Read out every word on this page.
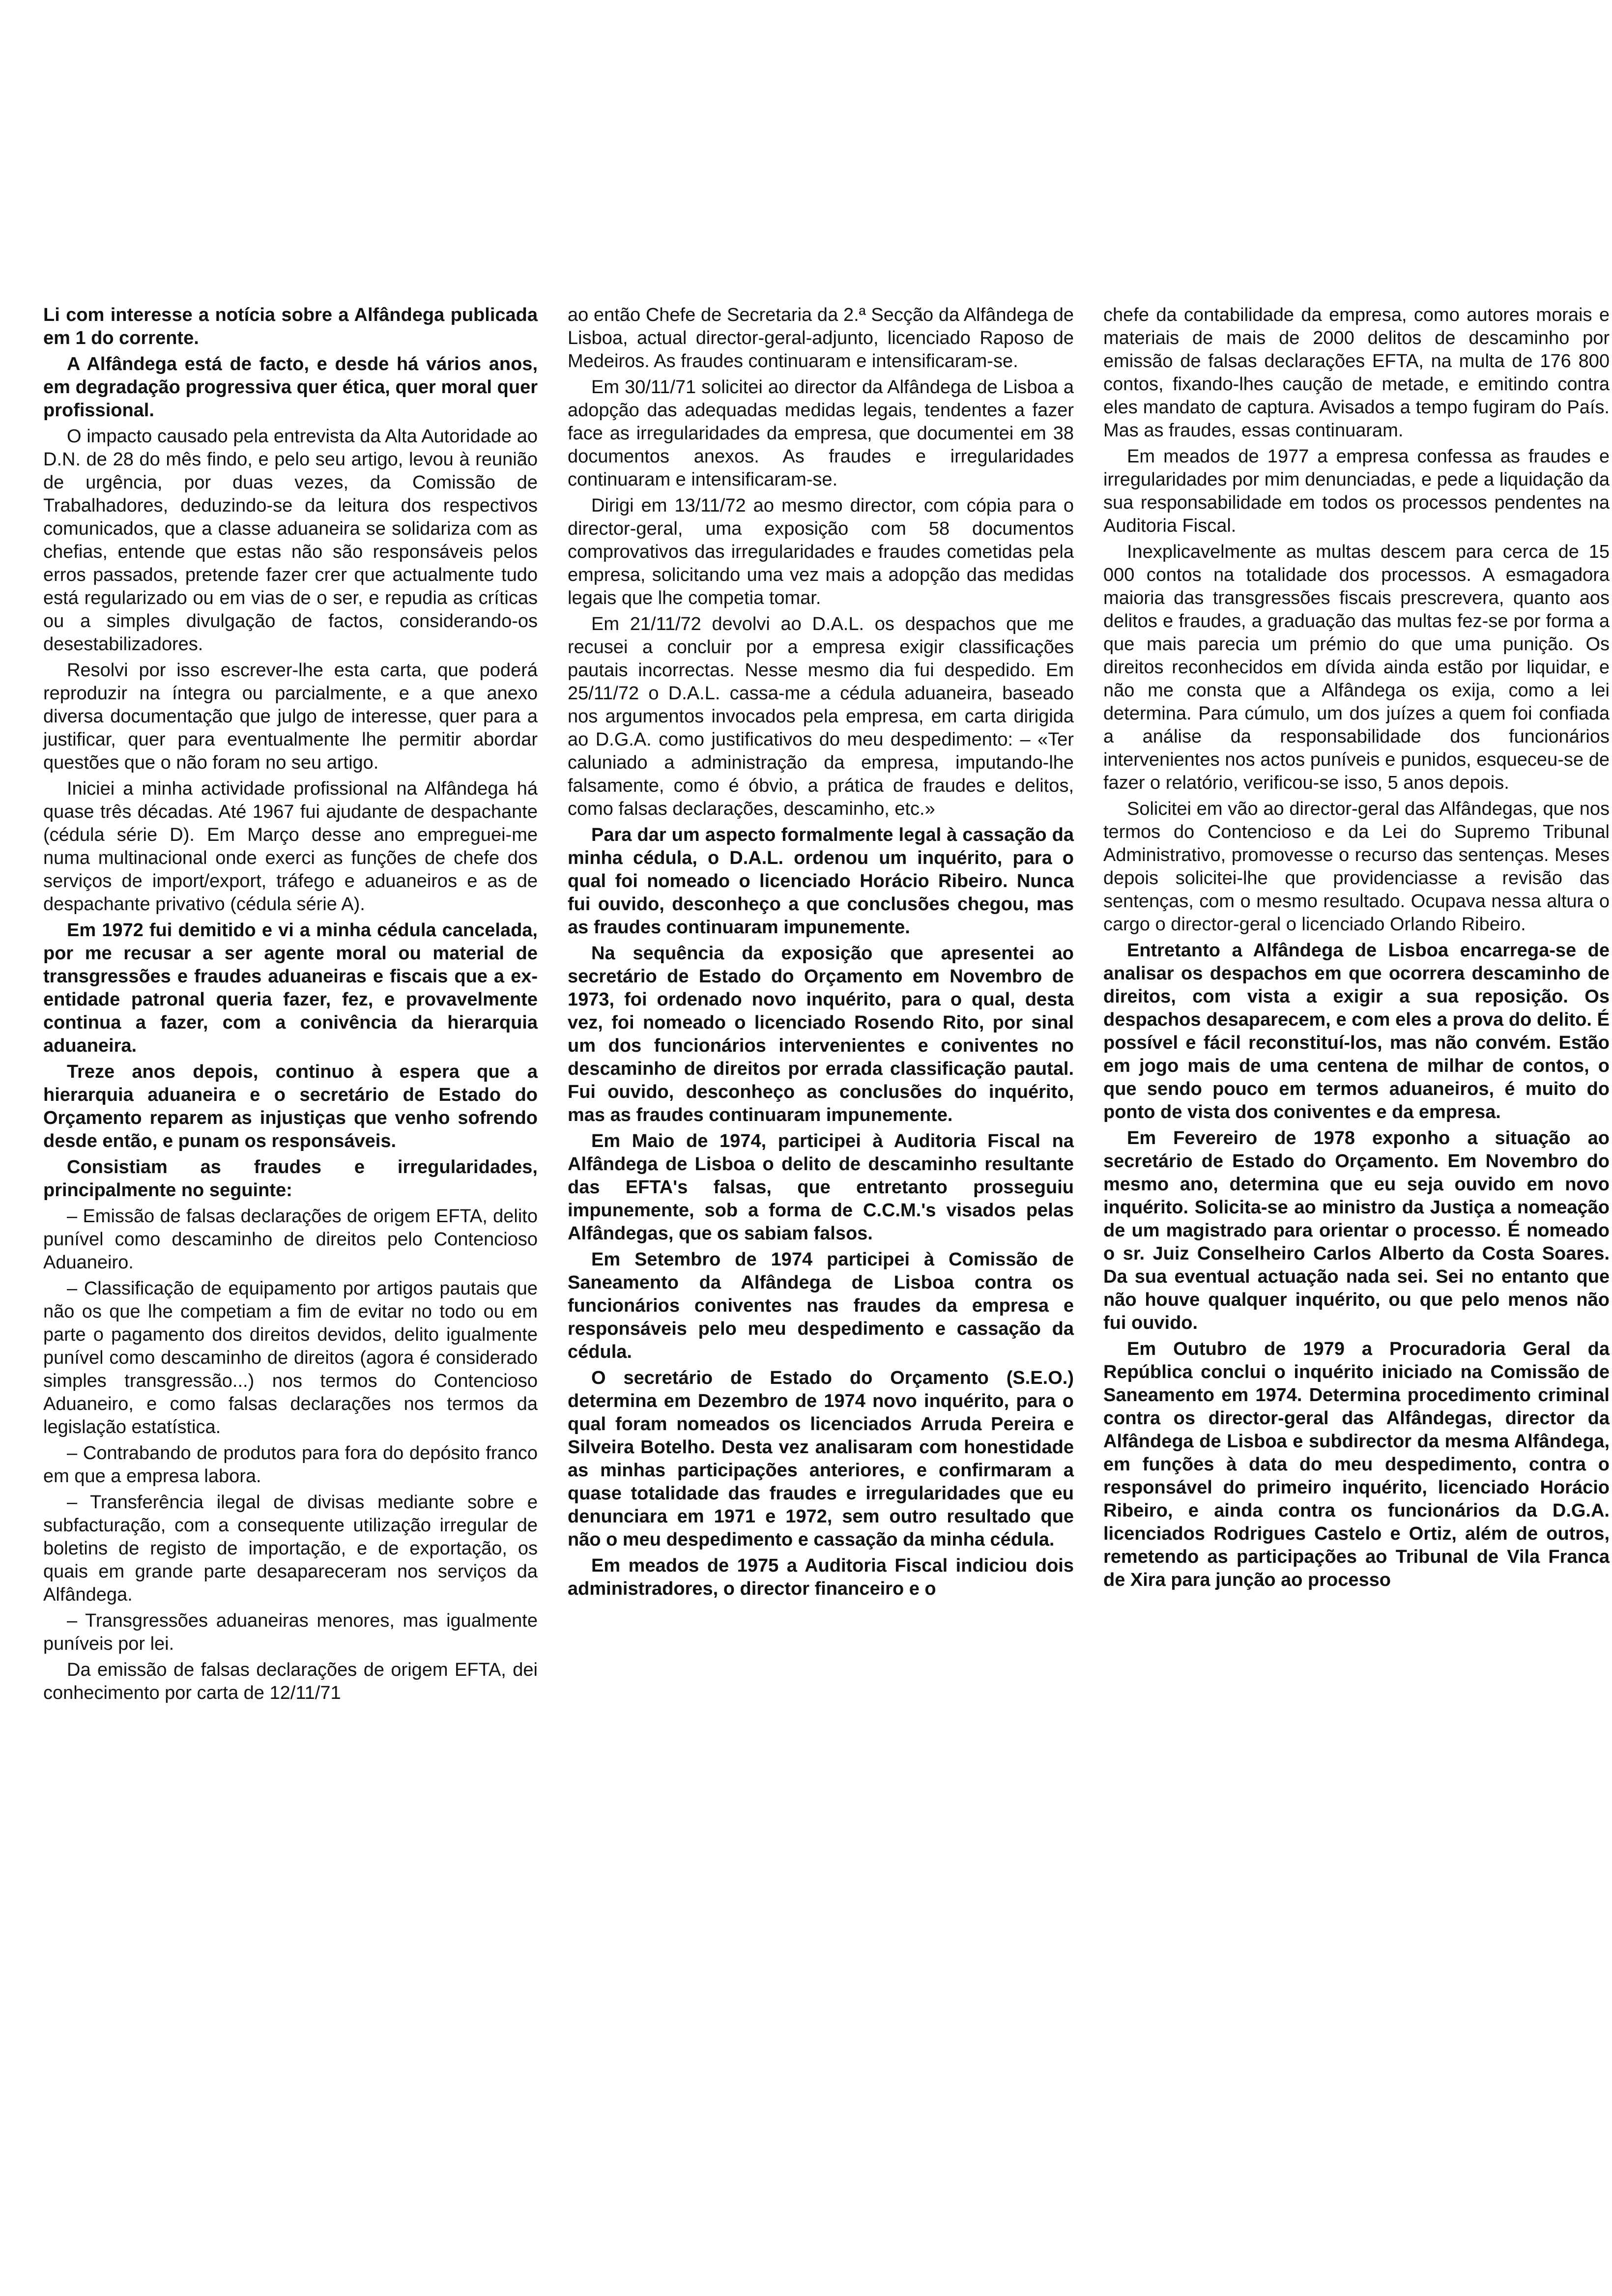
Li com interesse a notícia sobre a Alfândega publicada em 1 do corrente.

A Alfândega está de facto, e desde há vários anos, em degradação progressiva quer ética, quer moral quer profissional.

O impacto causado pela entrevista da Alta Autoridade ao D.N. de 28 do mês findo, e pelo seu artigo, levou à reunião de urgência, por duas vezes, da Comissão de Trabalhadores, deduzindo-se da leitura dos respectivos comunicados, que a classe aduaneira se solidariza com as chefias, entende que estas não são responsáveis pelos erros passados, pretende fazer crer que actualmente tudo está regularizado ou em vias de o ser, e repudia as críticas ou a simples divulgação de factos, considerando-os desestabilizadores.

Resolvi por isso escrever-lhe esta carta, que poderá reproduzir na íntegra ou parcialmente, e a que anexo diversa documentação que julgo de interesse, quer para a justificar, quer para eventualmente lhe permitir abordar questões que o não foram no seu artigo.

Iniciei a minha actividade profissional na Alfândega há quase três décadas. Até 1967 fui ajudante de despachante (cédula série D). Em Março desse ano empreguei-me numa multinacional onde exerci as funções de chefe dos serviços de import/export, tráfego e aduaneiros e as de despachante privativo (cédula série A).

Em 1972 fui demitido e vi a minha cédula cancelada, por me recusar a ser agente moral ou material de transgressões e fraudes aduaneiras e fiscais que a ex-entidade patronal queria fazer, fez, e provavelmente continua a fazer, com a conivência da hierarquia aduaneira.

Treze anos depois, continuo à espera que a hierarquia aduaneira e o secretário de Estado do Orçamento reparem as injustiças que venho sofrendo desde então, e punam os responsáveis.

Consistiam as fraudes e irregularidades, principalmente no seguinte:

– Emissão de falsas declarações de origem EFTA, delito punível como descaminho de direitos pelo Contencioso Aduaneiro.

– Classificação de equipamento por artigos pautais que não os que lhe competiam a fim de evitar no todo ou em parte o pagamento dos direitos devidos, delito igualmente punível como descaminho de direitos (agora é considerado simples transgressão...) nos termos do Contencioso Aduaneiro, e como falsas declarações nos termos da legislação estatística.

– Contrabando de produtos para fora do depósito franco em que a empresa labora.

– Transferência ilegal de divisas mediante sobre e subfacturação, com a consequente utilização irregular de boletins de registo de importação, e de exportação, os quais em grande parte desapareceram nos serviços da Alfândega.

– Transgressões aduaneiras menores, mas igualmente puníveis por lei.

Da emissão de falsas declarações de origem EFTA, dei conhecimento por carta de 12/11/71

ao então Chefe de Secretaria da 2.ª Secção da Alfândega de Lisboa, actual director-geral-adjunto, licenciado Raposo de Medeiros. As fraudes continuaram e intensificaram-se.

Em 30/11/71 solicitei ao director da Alfândega de Lisboa a adopção das adequadas medidas legais, tendentes a fazer face as irregularidades da empresa, que documentei em 38 documentos anexos. As fraudes e irregularidades continuaram e intensificaram-se.

Dirigi em 13/11/72 ao mesmo director, com cópia para o director-geral, uma exposição com 58 documentos comprovativos das irregularidades e fraudes cometidas pela empresa, solicitando uma vez mais a adopção das medidas legais que lhe competia tomar.

Em 21/11/72 devolvi ao D.A.L. os despachos que me recusei a concluir por a empresa exigir classificações pautais incorrectas. Nesse mesmo dia fui despedido. Em 25/11/72 o D.A.L. cassa-me a cédula aduaneira, baseado nos argumentos invocados pela empresa, em carta dirigida ao D.G.A. como justificativos do meu despedimento: – «Ter caluniado a administração da empresa, imputando-lhe falsamente, como é óbvio, a prática de fraudes e delitos, como falsas declarações, descaminho, etc.»

Para dar um aspecto formalmente legal à cassação da minha cédula, o D.A.L. ordenou um inquérito, para o qual foi nomeado o licenciado Horácio Ribeiro. Nunca fui ouvido, desconheço a que conclusões chegou, mas as fraudes continuaram impunemente.

Na sequência da exposição que apresentei ao secretário de Estado do Orçamento em Novembro de 1973, foi ordenado novo inquérito, para o qual, desta vez, foi nomeado o licenciado Rosendo Rito, por sinal um dos funcionários intervenientes e coniventes no descaminho de direitos por errada classificação pautal. Fui ouvido, desconheço as conclusões do inquérito, mas as fraudes continuaram impunemente.

Em Maio de 1974, participei à Auditoria Fiscal na Alfândega de Lisboa o delito de descaminho resultante das EFTA's falsas, que entretanto prosseguiu impunemente, sob a forma de C.C.M.'s visados pelas Alfândegas, que os sabiam falsos.

Em Setembro de 1974 participei à Comissão de Saneamento da Alfândega de Lisboa contra os funcionários coniventes nas fraudes da empresa e responsáveis pelo meu despedimento e cassação da cédula.

O secretário de Estado do Orçamento (S.E.O.) determina em Dezembro de 1974 novo inquérito, para o qual foram nomeados os licenciados Arruda Pereira e Silveira Botelho. Desta vez analisaram com honestidade as minhas participações anteriores, e confirmaram a quase totalidade das fraudes e irregularidades que eu denunciara em 1971 e 1972, sem outro resultado que não o meu despedimento e cassação da minha cédula.

Em meados de 1975 a Auditoria Fiscal indiciou dois administradores, o director financeiro e o

chefe da contabilidade da empresa, como autores morais e materiais de mais de 2000 delitos de descaminho por emissão de falsas declarações EFTA, na multa de 176 800 contos, fixando-lhes caução de metade, e emitindo contra eles mandato de captura. Avisados a tempo fugiram do País. Mas as fraudes, essas continuaram.

Em meados de 1977 a empresa confessa as fraudes e irregularidades por mim denunciadas, e pede a liquidação da sua responsabilidade em todos os processos pendentes na Auditoria Fiscal.

Inexplicavelmente as multas descem para cerca de 15 000 contos na totalidade dos processos. A esmagadora maioria das transgressões fiscais prescrevera, quanto aos delitos e fraudes, a graduação das multas fez-se por forma a que mais parecia um prémio do que uma punição. Os direitos reconhecidos em dívida ainda estão por liquidar, e não me consta que a Alfândega os exija, como a lei determina. Para cúmulo, um dos juízes a quem foi confiada a análise da responsabilidade dos funcionários intervenientes nos actos puníveis e punidos, esqueceu-se de fazer o relatório, verificou-se isso, 5 anos depois.

Solicitei em vão ao director-geral das Alfândegas, que nos termos do Contencioso e da Lei do Supremo Tribunal Administrativo, promovesse o recurso das sentenças. Meses depois solicitei-lhe que providenciasse a revisão das sentenças, com o mesmo resultado. Ocupava nessa altura o cargo o director-geral o licenciado Orlando Ribeiro.

Entretanto a Alfândega de Lisboa encarrega-se de analisar os despachos em que ocorrera descaminho de direitos, com vista a exigir a sua reposição. Os despachos desaparecem, e com eles a prova do delito. É possível e fácil reconstituí-los, mas não convém. Estão em jogo mais de uma centena de milhar de contos, o que sendo pouco em termos aduaneiros, é muito do ponto de vista dos coniventes e da empresa.

Em Fevereiro de 1978 exponho a situação ao secretário de Estado do Orçamento. Em Novembro do mesmo ano, determina que eu seja ouvido em novo inquérito. Solicita-se ao ministro da Justiça a nomeação de um magistrado para orientar o processo. É nomeado o sr. Juiz Conselheiro Carlos Alberto da Costa Soares. Da sua eventual actuação nada sei. Sei no entanto que não houve qualquer inquérito, ou que pelo menos não fui ouvido.

Em Outubro de 1979 a Procuradoria Geral da República conclui o inquérito iniciado na Comissão de Saneamento em 1974. Determina procedimento criminal contra os director-geral das Alfândegas, director da Alfândega de Lisboa e subdirector da mesma Alfândega, em funções à data do meu despedimento, contra o responsável do primeiro inquérito, licenciado Horácio Ribeiro, e ainda contra os funcionários da D.G.A. licenciados Rodrigues Castelo e Ortiz, além de outros, remetendo as participações ao Tribunal de Vila Franca de Xira para junção ao processo
